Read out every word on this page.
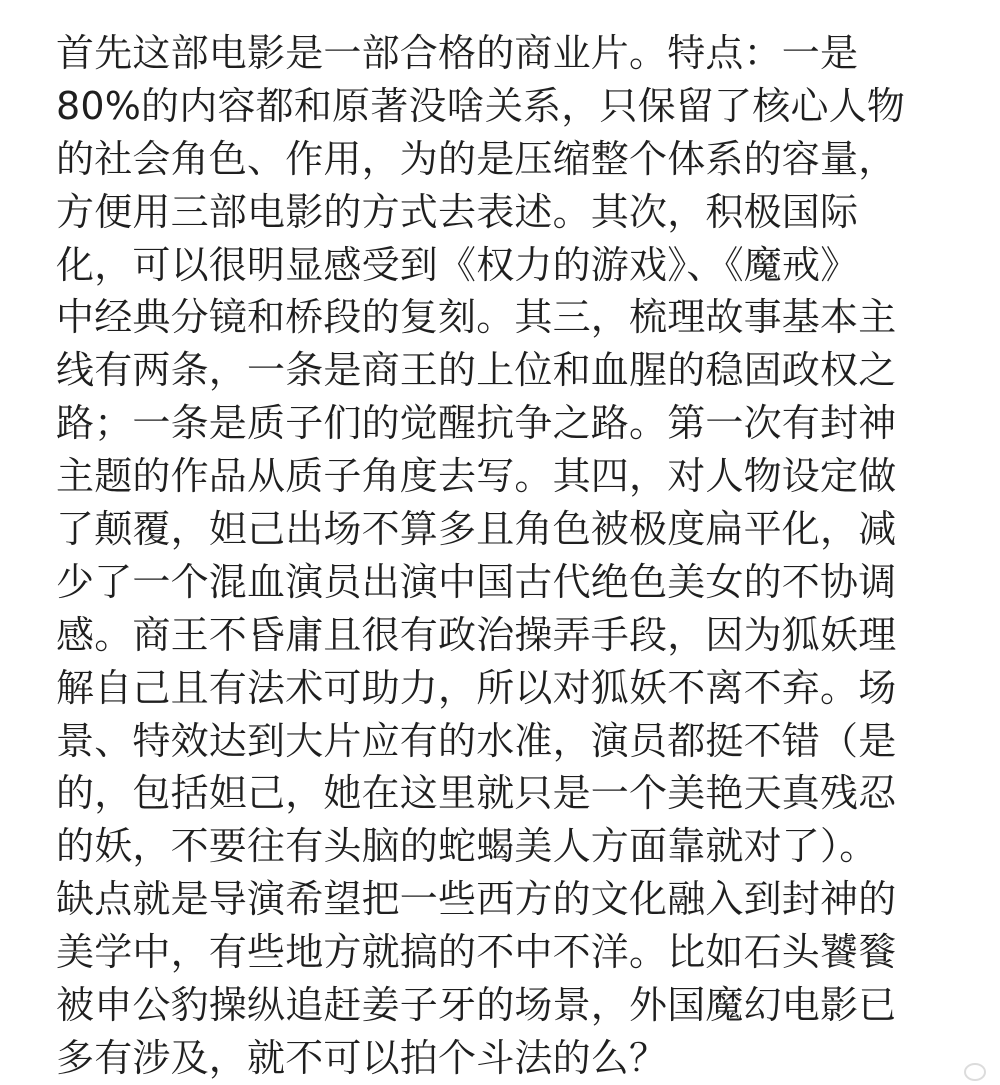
首先这部电影是一部合格的商业片。特点：一是
80%的内容都和原著没啥关系，只保留了核心人物
的社会角色、作用，为的是压缩整个体系的容量，
方便用三部电影的方式去表述。其次，积极国际
化，可以很明显感受到《权力的游戏》、《魔戒》
中经典分镜和桥段的复刻。其三，梳理故事基本主
线有两条，一条是商王的上位和血腥的稳固政权之
路；一条是质子们的觉醒抗争之路。第一次有封神
主题的作品从质子角度去写。其四，对人物设定做
了颠覆，妲己出场不算多且角色被极度扁平化，减
少了一个混血演员出演中国古代绝色美女的不协调
感。商王不昏庸且很有政治操弄手段，因为狐妖理
解自己且有法术可助力，所以对狐妖不离不弃。场
景、特效达到大片应有的水准，演员都挺不错（是
的，包括妲己，她在这里就只是一个美艳天真残忍
的妖，不要往有头脑的蛇蝎美人方面靠就对了）。
缺点就是导演希望把一些西方的文化融入到封神的
美学中，有些地方就搞的不中不洋。比如石头饕餮
被申公豹操纵追赶姜子牙的场景，外国魔幻电影已
多有涉及，就不可以拍个斗法的么？
